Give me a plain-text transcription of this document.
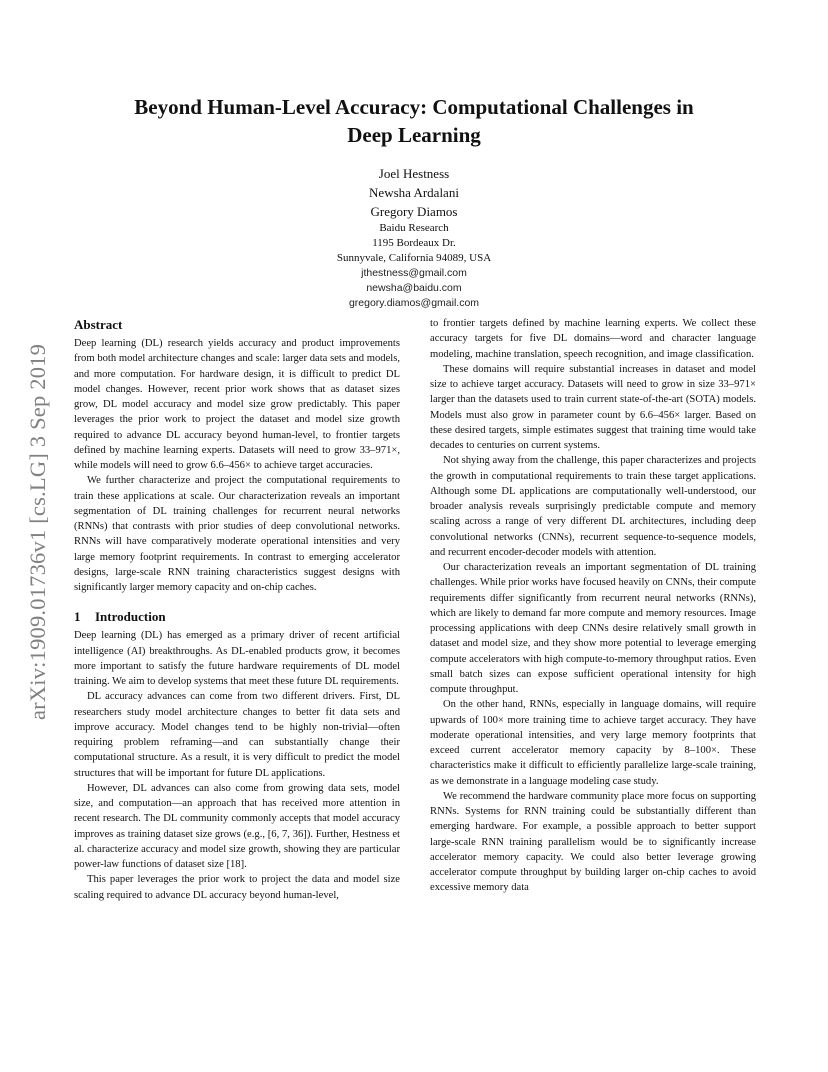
arXiv:1909.01736v1 [cs.LG] 3 Sep 2019
Beyond Human-Level Accuracy: Computational Challenges in
Deep Learning
Joel Hestness
Newsha Ardalani
Gregory Diamos
Baidu Research
1195 Bordeaux Dr.
Sunnyvale, California 94089, USA
jthestness@gmail.com
newsha@baidu.com
gregory.diamos@gmail.com
Abstract

Deep learning (DL) research yields accuracy and product improvements from both model architecture changes and scale: larger data sets and models, and more computation. For hardware design, it is difficult to predict DL model changes. However, recent prior work shows that as dataset sizes grow, DL model accuracy and model size grow predictably. This paper leverages the prior work to project the dataset and model size growth required to advance DL accuracy beyond human-level, to frontier targets defined by machine learning experts. Datasets will need to grow 33–971×, while models will need to grow 6.6–456× to achieve target accuracies.

We further characterize and project the computational requirements to train these applications at scale. Our characterization reveals an important segmentation of DL training challenges for recurrent neural networks (RNNs) that contrasts with prior studies of deep convolutional networks. RNNs will have comparatively moderate operational intensities and very large memory footprint requirements. In contrast to emerging accelerator designs, large-scale RNN training characteristics suggest designs with significantly larger memory capacity and on-chip caches.

1 Introduction

Deep learning (DL) has emerged as a primary driver of recent artificial intelligence (AI) breakthroughs. As DL-enabled products grow, it becomes more important to satisfy the future hardware requirements of DL model training. We aim to develop systems that meet these future DL requirements.

DL accuracy advances can come from two different drivers. First, DL researchers study model architecture changes to better fit data sets and improve accuracy. Model changes tend to be highly non-trivial—often requiring problem reframing—and can substantially change their computational structure. As a result, it is very difficult to predict the model structures that will be important for future DL applications.

However, DL advances can also come from growing data sets, model size, and computation—an approach that has received more attention in recent research. The DL community commonly accepts that model accuracy improves as training dataset size grows (e.g., [6, 7, 36]). Further, Hestness et al. characterize accuracy and model size growth, showing they are particular power-law functions of dataset size [18].

This paper leverages the prior work to project the data and model size scaling required to advance DL accuracy beyond human-level,

to frontier targets defined by machine learning experts. We collect these accuracy targets for five DL domains—word and character language modeling, machine translation, speech recognition, and image classification.

These domains will require substantial increases in dataset and model size to achieve target accuracy. Datasets will need to grow in size 33–971× larger than the datasets used to train current state-of-the-art (SOTA) models. Models must also grow in parameter count by 6.6–456× larger. Based on these desired targets, simple estimates suggest that training time would take decades to centuries on current systems.

Not shying away from the challenge, this paper characterizes and projects the growth in computational requirements to train these target applications. Although some DL applications are computationally well-understood, our broader analysis reveals surprisingly predictable compute and memory scaling across a range of very different DL architectures, including deep convolutional networks (CNNs), recurrent sequence-to-sequence models, and recurrent encoder-decoder models with attention.

Our characterization reveals an important segmentation of DL training challenges. While prior works have focused heavily on CNNs, their compute requirements differ significantly from recurrent neural networks (RNNs), which are likely to demand far more compute and memory resources. Image processing applications with deep CNNs desire relatively small growth in dataset and model size, and they show more potential to leverage emerging compute accelerators with high compute-to-memory throughput ratios. Even small batch sizes can expose sufficient operational intensity for high compute throughput.

On the other hand, RNNs, especially in language domains, will require upwards of 100× more training time to achieve target accuracy. They have moderate operational intensities, and very large memory footprints that exceed current accelerator memory capacity by 8–100×. These characteristics make it difficult to efficiently parallelize large-scale training, as we demonstrate in a language modeling case study.

We recommend the hardware community place more focus on supporting RNNs. Systems for RNN training could be substantially different than emerging hardware. For example, a possible approach to better support large-scale RNN training parallelism would be to significantly increase accelerator memory capacity. We could also better leverage growing accelerator compute throughput by building larger on-chip caches to avoid excessive memory data
